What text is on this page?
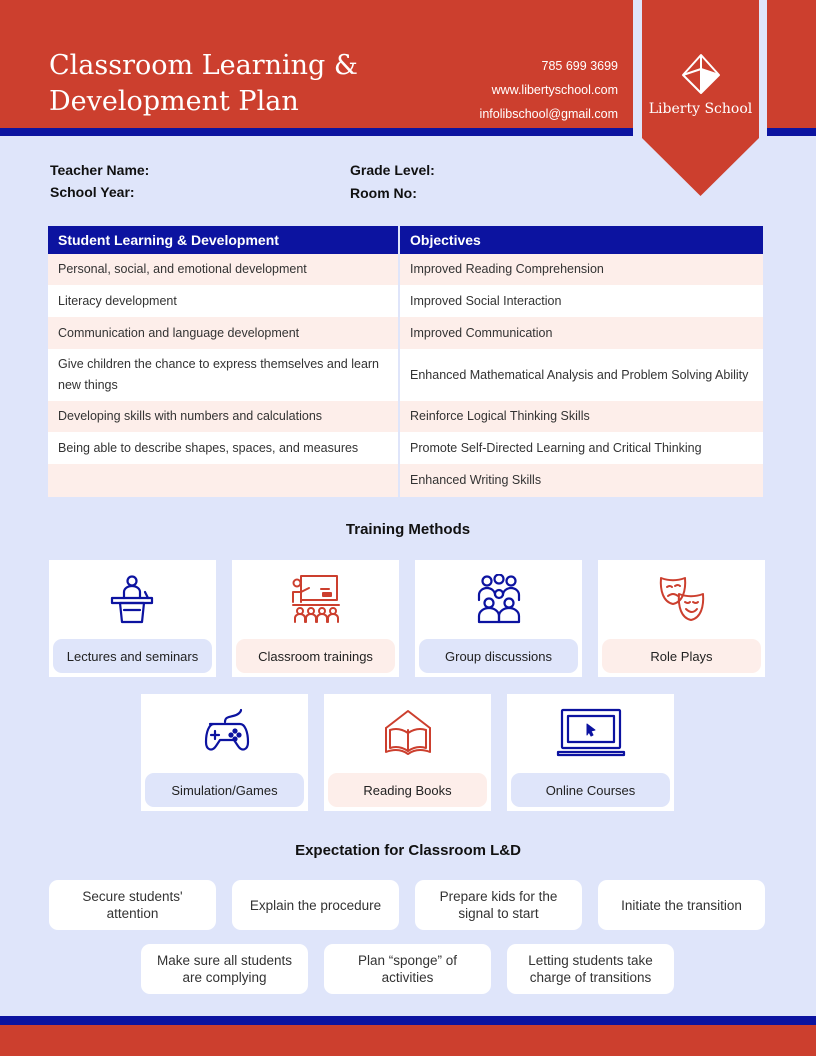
Classroom Learning & Development Plan
785 699 3699
www.libertyschool.com
infolibschool@gmail.com	Liberty School
Teacher Name:
School Year:
Grade Level:
Room No:
Student Learning & Development	Objectives
Personal, social, and emotional development	Improved Reading Comprehension
Literacy development	Improved Social Interaction
Communication and language development	Improved Communication
Give children the chance to express themselves and learn new things	Enhanced Mathematical Analysis and Problem Solving Ability
Developing skills with numbers and calculations	Reinforce Logical Thinking Skills
Being able to describe shapes, spaces, and measures	Promote Self-Directed Learning and Critical Thinking
	Enhanced Writing Skills
Training Methods
Lectures and seminars	Classroom trainings	Group discussions	Role Plays
Simulation/Games	Reading Books	Online Courses
Expectation for Classroom L&D
Secure students' attention
Explain the procedure
Prepare kids for the signal to start
Initiate the transition
Make sure all students are complying
Plan “sponge” of activities
Letting students take charge of transitions
